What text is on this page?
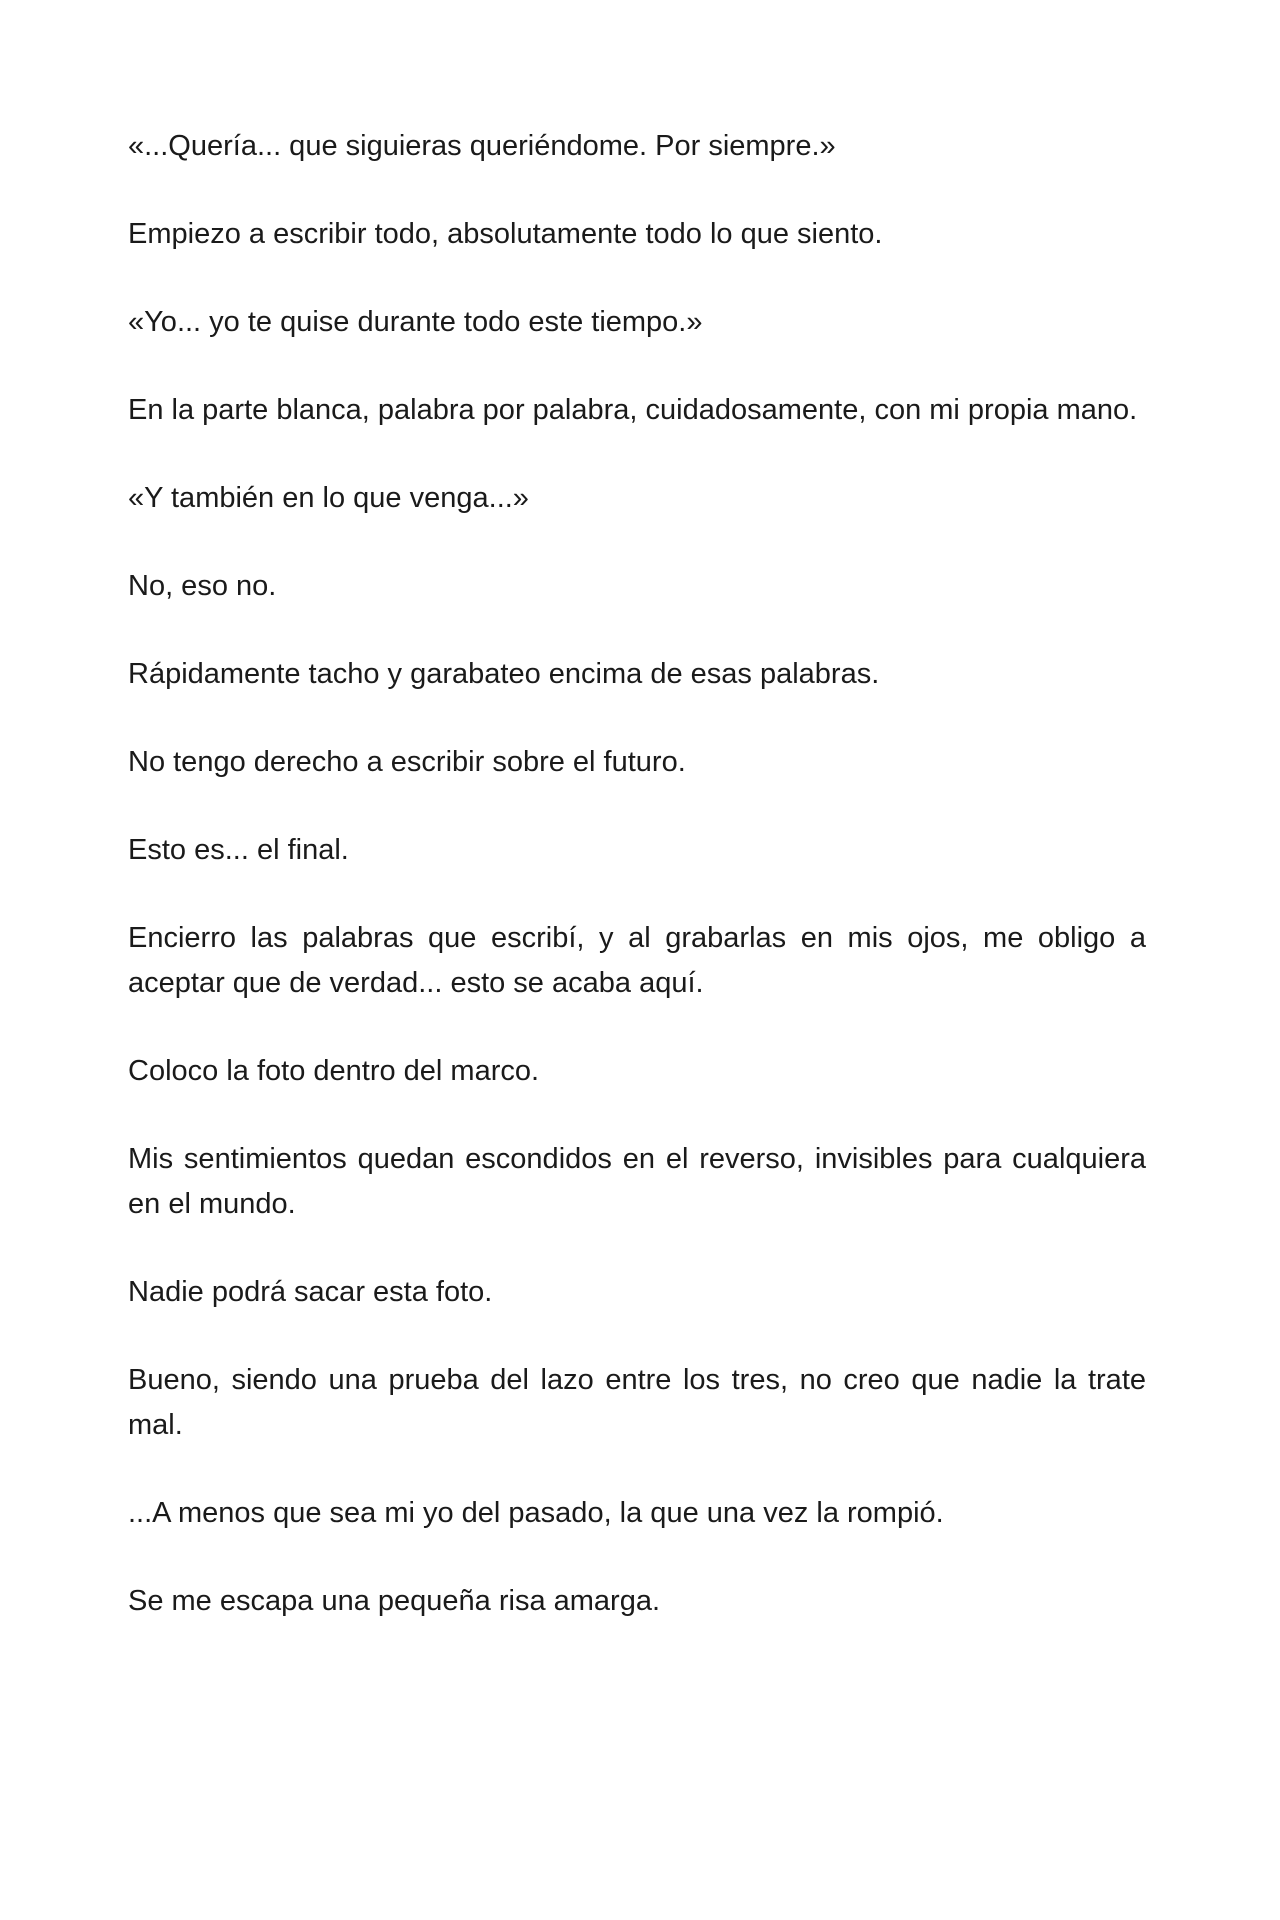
«...Quería... que siguieras queriéndome. Por siempre.»

Empiezo a escribir todo, absolutamente todo lo que siento.

«Yo... yo te quise durante todo este tiempo.»

En la parte blanca, palabra por palabra, cuidadosamente, con mi propia mano.

«Y también en lo que venga...»

No, eso no.

Rápidamente tacho y garabateo encima de esas palabras.

No tengo derecho a escribir sobre el futuro.

Esto es... el final.

Encierro las palabras que escribí, y al grabarlas en mis ojos, me obligo a aceptar que de verdad... esto se acaba aquí.

Coloco la foto dentro del marco.

Mis sentimientos quedan escondidos en el reverso, invisibles para cualquiera en el mundo.

Nadie podrá sacar esta foto.

Bueno, siendo una prueba del lazo entre los tres, no creo que nadie la trate mal.

...A menos que sea mi yo del pasado, la que una vez la rompió.

Se me escapa una pequeña risa amarga.
